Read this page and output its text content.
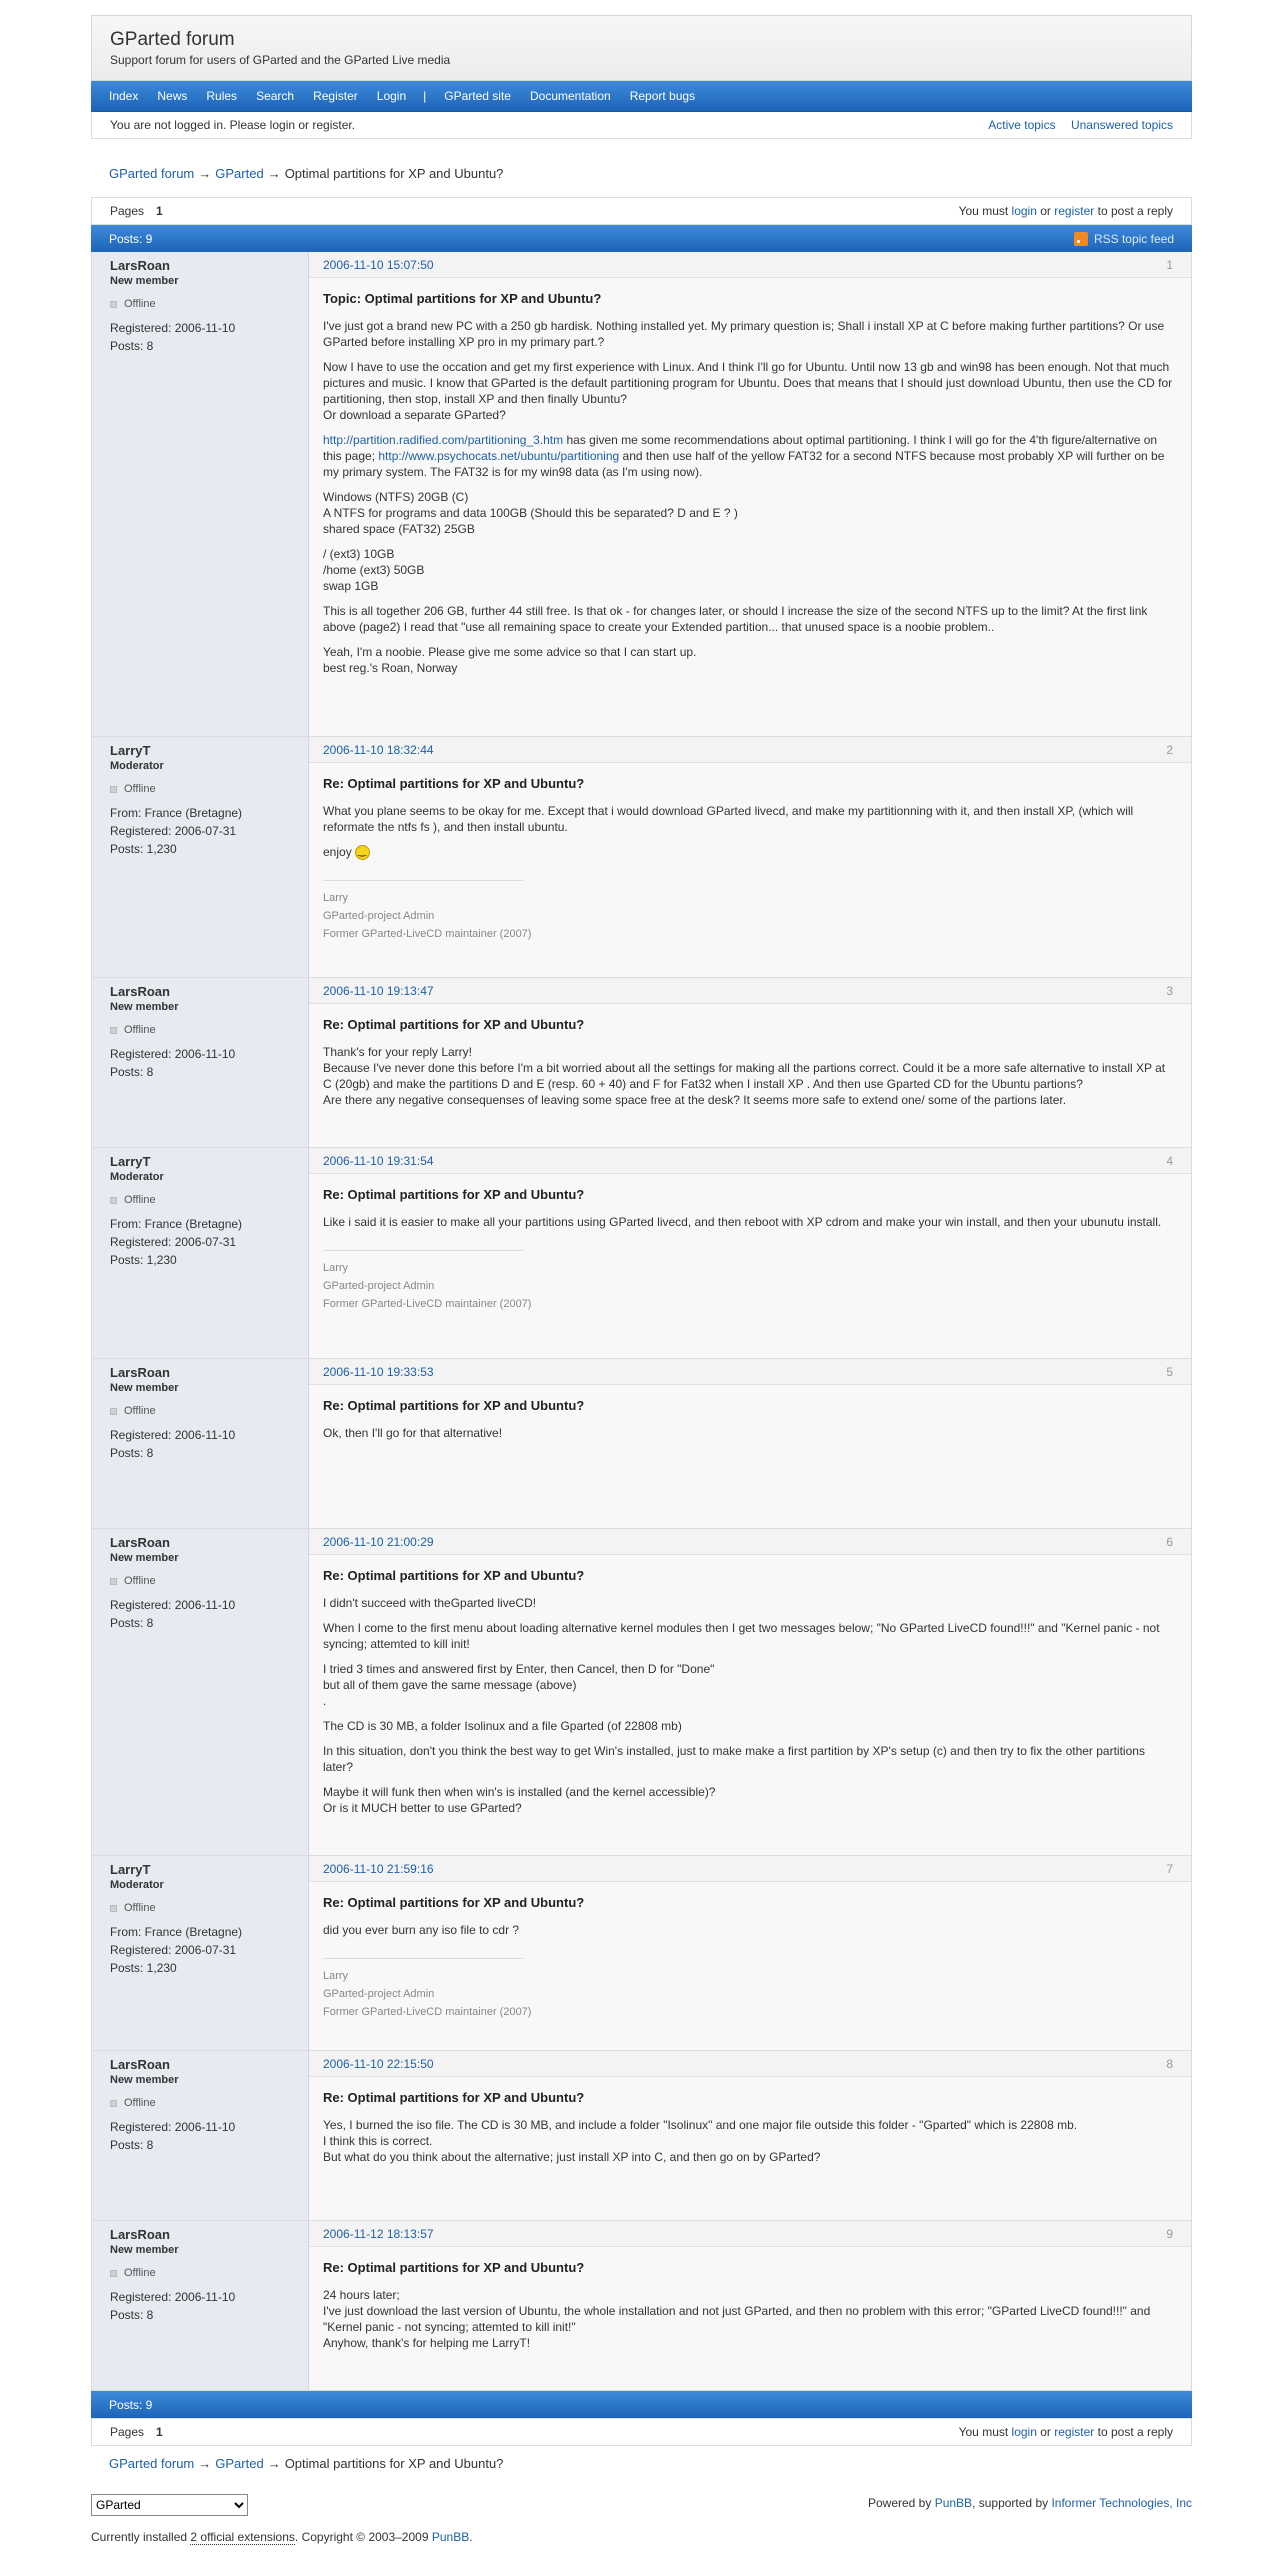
GParted forum
Support forum for users of GParted and the GParted Live media
Index News Rules Search Register Login | GParted site Documentation Report bugs
You are not logged in. Please login or register.	Active topics Unanswered topics
GParted forum → GParted → Optimal partitions for XP and Ubuntu?
Pages 1	You must login or register to post a reply
Posts: 9	RSS topic feed
LarsRoan
New member
Offline
Registered: 2006-11-10
Posts: 8
2006-11-10 15:07:50	1
Topic: Optimal partitions for XP and Ubuntu?

I've just got a brand new PC with a 250 gb hardisk. Nothing installed yet. My primary question is; Shall i install XP at C before making further partitions? Or use GParted before installing XP pro in my primary part.?

Now I have to use the occation and get my first experience with Linux. And I think I'll go for Ubuntu. Until now 13 gb and win98 has been enough. Not that much pictures and music. I know that GParted is the default partitioning program for Ubuntu. Does that means that I should just download Ubuntu, then use the CD for partitioning, then stop, install XP and then finally Ubuntu?
Or download a separate GParted?

http://partition.radified.com/partitioning_3.htm has given me some recommendations about optimal partitioning. I think I will go for the 4'th figure/alternative on this page; http://www.psychocats.net/ubuntu/partitioning and then use half of the yellow FAT32 for a second NTFS because most probably XP will further on be my primary system. The FAT32 is for my win98 data (as I'm using now).

Windows (NTFS) 20GB (C)
A NTFS for programs and data 100GB (Should this be separated? D and E ? )
shared space (FAT32) 25GB

/ (ext3) 10GB
/home (ext3) 50GB
swap 1GB

This is all together 206 GB, further 44 still free. Is that ok - for changes later, or should I increase the size of the second NTFS up to the limit? At the first link above (page2) I read that "use all remaining space to create your Extended partition... that unused space is a noobie problem..

Yeah, I'm a noobie. Please give me some advice so that I can start up.
best reg.'s Roan, Norway

LarryT
Moderator
Offline
From: France (Bretagne)
Registered: 2006-07-31
Posts: 1,230
2006-11-10 18:32:44	2
Re: Optimal partitions for XP and Ubuntu?

What you plane seems to be okay for me. Except that i would download GParted livecd, and make my partitionning with it, and then install XP, (which will reformate the ntfs fs ), and then install ubuntu.

enjoy ‿

Larry
GParted-project Admin
Former GParted-LiveCD maintainer (2007)
LarsRoan
New member
Offline
Registered: 2006-11-10
Posts: 8
2006-11-10 19:13:47	3
Re: Optimal partitions for XP and Ubuntu?

Thank's for your reply Larry!
Because I've never done this before I'm a bit worried about all the settings for making all the partions correct. Could it be a more safe alternative to install XP at C (20gb) and make the partitions D and E (resp. 60 + 40) and F for Fat32 when I install XP . And then use Gparted CD for the Ubuntu partions?
Are there any negative consequenses of leaving some space free at the desk? It seems more safe to extend one/ some of the partions later.

LarryT
Moderator
Offline
From: France (Bretagne)
Registered: 2006-07-31
Posts: 1,230
2006-11-10 19:31:54	4
Re: Optimal partitions for XP and Ubuntu?

Like i said it is easier to make all your partitions using GParted livecd, and then reboot with XP cdrom and make your win install, and then your ubunutu install.

Larry
GParted-project Admin
Former GParted-LiveCD maintainer (2007)
LarsRoan
New member
Offline
Registered: 2006-11-10
Posts: 8
2006-11-10 19:33:53	5
Re: Optimal partitions for XP and Ubuntu?

Ok, then I'll go for that alternative!

LarsRoan
New member
Offline
Registered: 2006-11-10
Posts: 8
2006-11-10 21:00:29	6
Re: Optimal partitions for XP and Ubuntu?

I didn't succeed with theGparted liveCD!

When I come to the first menu about loading alternative kernel modules then I get two messages below; "No GParted LiveCD found!!!" and "Kernel panic - not syncing; attemted to kill init!

I tried 3 times and answered first by Enter, then Cancel, then D for "Done"
but all of them gave the same message (above)
.

The CD is 30 MB, a folder Isolinux and a file Gparted (of 22808 mb)

In this situation, don't you think the best way to get Win's installed, just to make make a first partition by XP's setup (c) and then try to fix the other partitions later?

Maybe it will funk then when win's is installed (and the kernel accessible)?
Or is it MUCH better to use GParted?

LarryT
Moderator
Offline
From: France (Bretagne)
Registered: 2006-07-31
Posts: 1,230
2006-11-10 21:59:16	7
Re: Optimal partitions for XP and Ubuntu?

did you ever burn any iso file to cdr ?

Larry
GParted-project Admin
Former GParted-LiveCD maintainer (2007)
LarsRoan
New member
Offline
Registered: 2006-11-10
Posts: 8
2006-11-10 22:15:50	8
Re: Optimal partitions for XP and Ubuntu?

Yes, I burned the iso file. The CD is 30 MB, and include a folder "Isolinux" and one major file outside this folder - "Gparted" which is 22808 mb.
I think this is correct.
But what do you think about the alternative; just install XP into C, and then go on by GParted?

LarsRoan
New member
Offline
Registered: 2006-11-10
Posts: 8
2006-11-12 18:13:57	9
Re: Optimal partitions for XP and Ubuntu?

24 hours later;
I've just download the last version of Ubuntu, the whole installation and not just GParted, and then no problem with this error; "GParted LiveCD found!!!" and "Kernel panic - not syncing; attemted to kill init!"
Anyhow, thank's for helping me LarryT!

Posts: 9
Pages 1	You must login or register to post a reply
GParted forum → GParted → Optimal partitions for XP and Ubuntu?
GParted
Powered by PunBB, supported by Informer Technologies, Inc
Currently installed 2 official extensions. Copyright © 2003–2009 PunBB.
